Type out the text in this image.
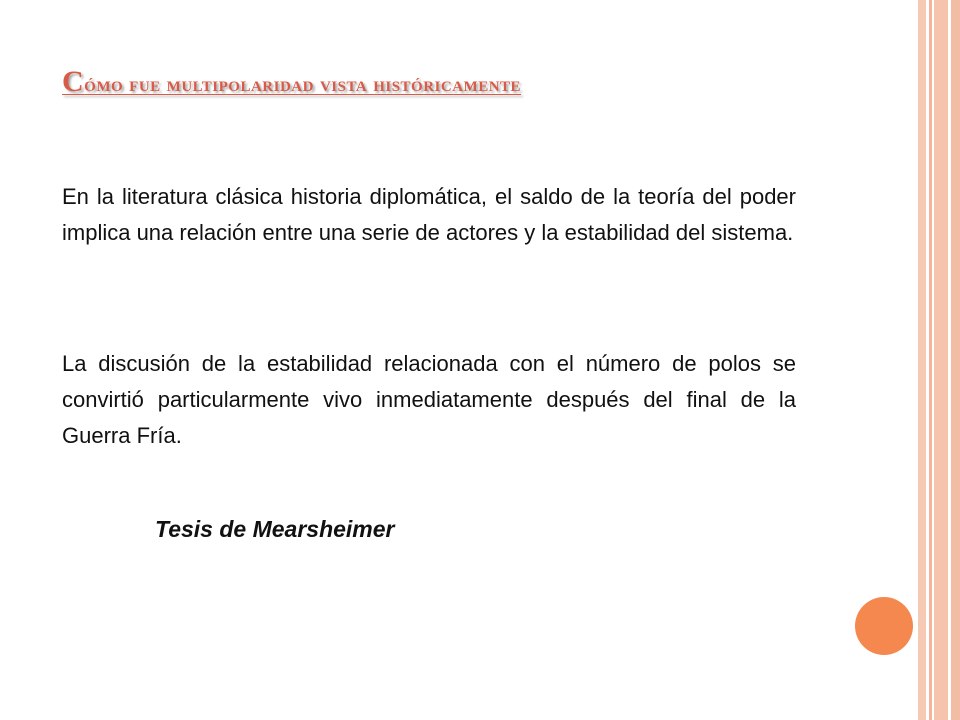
Cómo fue multipolaridad vista históricamente

En la literatura clásica historia diplomática, el saldo de la teoría del poder implica una relación entre una serie de actores y la estabilidad del sistema.

La discusión de la estabilidad relacionada con el número de polos se convirtió particularmente vivo inmediatamente después del final de la Guerra Fría.

Tesis de Mearsheimer
